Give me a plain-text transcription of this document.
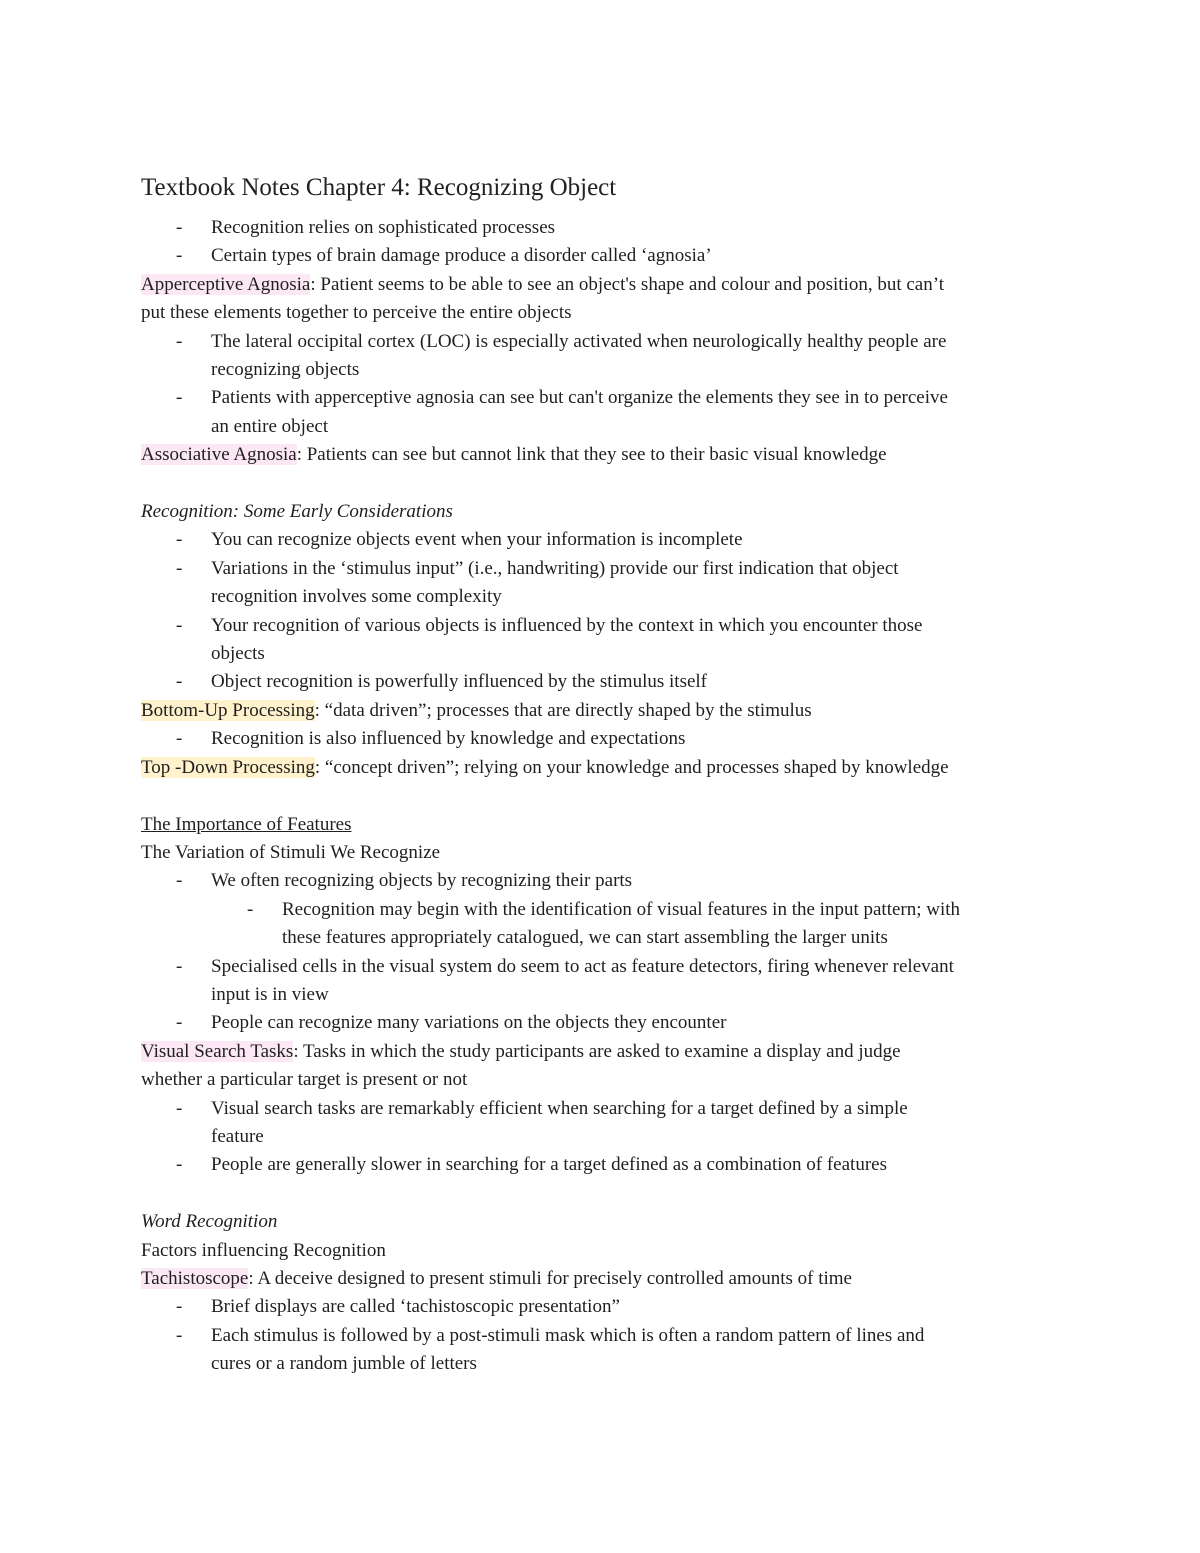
Textbook Notes Chapter 4: Recognizing Object

- Recognition relies on sophisticated processes

- Certain types of brain damage produce a disorder called ‘agnosia’

Apperceptive Agnosia: Patient seems to be able to see an object's shape and colour and position, but can’t

put these elements together to perceive the entire objects

- The lateral occipital cortex (LOC) is especially activated when neurologically healthy people are

recognizing objects

- Patients with apperceptive agnosia can see but can't organize the elements they see in to perceive

an entire object

Associative Agnosia: Patients can see but cannot link that they see to their basic visual knowledge

Recognition: Some Early Considerations

- You can recognize objects event when your information is incomplete

- Variations in the ‘stimulus input” (i.e., handwriting) provide our first indication that object

recognition involves some complexity

- Your recognition of various objects is influenced by the context in which you encounter those

objects

- Object recognition is powerfully influenced by the stimulus itself

Bottom-Up Processing: “data driven”; processes that are directly shaped by the stimulus

- Recognition is also influenced by knowledge and expectations

Top -Down Processing: “concept driven”; relying on your knowledge and processes shaped by knowledge

The Importance of Features

The Variation of Stimuli We Recognize

- We often recognizing objects by recognizing their parts

- Recognition may begin with the identification of visual features in the input pattern; with

these features appropriately catalogued, we can start assembling the larger units

- Specialised cells in the visual system do seem to act as feature detectors, firing whenever relevant

input is in view

- People can recognize many variations on the objects they encounter

Visual Search Tasks: Tasks in which the study participants are asked to examine a display and judge

whether a particular target is present or not

- Visual search tasks are remarkably efficient when searching for a target defined by a simple

feature

- People are generally slower in searching for a target defined as a combination of features

Word Recognition

Factors influencing Recognition

Tachistoscope: A deceive designed to present stimuli for precisely controlled amounts of time

- Brief displays are called ‘tachistoscopic presentation”

- Each stimulus is followed by a post-stimuli mask which is often a random pattern of lines and

cures or a random jumble of letters
